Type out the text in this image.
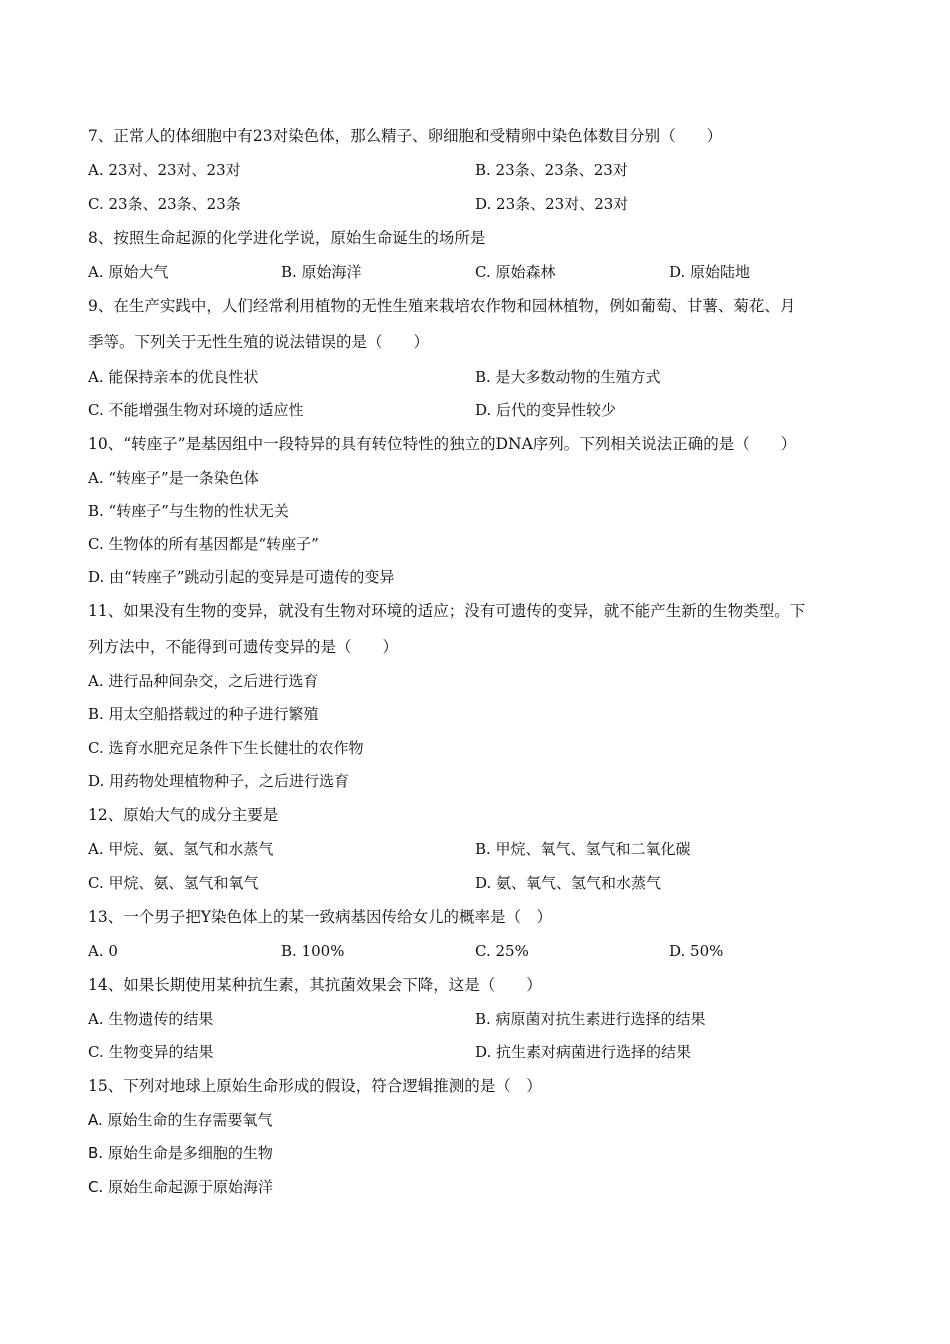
7、正常人的体细胞中有23对染色体，那么精子、卵细胞和受精卵中染色体数目分别（　　）
A. 23对、23对、23对	B. 23条、23条、23对
C. 23条、23条、23条	D. 23条、23对、23对
8、按照生命起源的化学进化学说，原始生命诞生的场所是
A. 原始大气	B. 原始海洋	C. 原始森林	D. 原始陆地
9、在生产实践中，人们经常利用植物的无性生殖来栽培农作物和园林植物，例如葡萄、甘薯、菊花、月
季等。下列关于无性生殖的说法错误的是（　　）
A. 能保持亲本的优良性状	B. 是大多数动物的生殖方式
C. 不能增强生物对环境的适应性	D. 后代的变异性较少
10、“转座子”是基因组中一段特异的具有转位特性的独立的DNA序列。下列相关说法正确的是（　　）
A. “转座子”是一条染色体
B. “转座子”与生物的性状无关
C. 生物体的所有基因都是“转座子”
D. 由“转座子”跳动引起的变异是可遗传的变异
11、如果没有生物的变异，就没有生物对环境的适应；没有可遗传的变异，就不能产生新的生物类型。下
列方法中，不能得到可遗传变异的是（　　）
A. 进行品种间杂交，之后进行选育
B. 用太空船搭载过的种子进行繁殖
C. 选育水肥充足条件下生长健壮的农作物
D. 用药物处理植物种子，之后进行选育
12、原始大气的成分主要是
A. 甲烷、氨、氢气和水蒸气	B. 甲烷、氧气、氢气和二氧化碳
C. 甲烷、氨、氢气和氧气	D. 氨、氧气、氢气和水蒸气
13、一个男子把Y染色体上的某一致病基因传给女儿的概率是（　）
A. 0	B. 100%	C. 25%	D. 50%
14、如果长期使用某种抗生素，其抗菌效果会下降，这是（　　）
A. 生物遗传的结果	B. 病原菌对抗生素进行选择的结果
C. 生物变异的结果	D. 抗生素对病菌进行选择的结果
15、下列对地球上原始生命形成的假设，符合逻辑推测的是（　）
A. 原始生命的生存需要氧气
B. 原始生命是多细胞的生物
C. 原始生命起源于原始海洋
